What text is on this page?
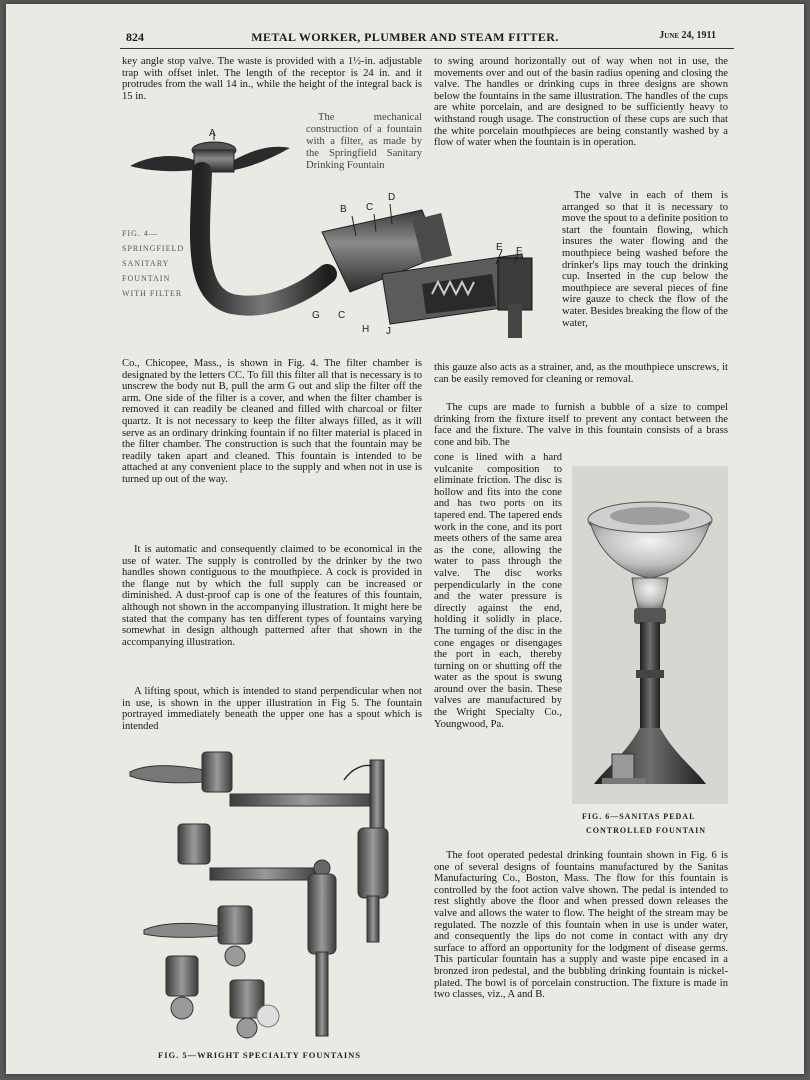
824	METAL WORKER, PLUMBER AND STEAM FITTER.	June 24, 1911

key angle stop valve. The waste is provided with a 1½-in. adjustable trap with offset inlet. The length of the receptor is 24 in. and it protrudes from the wall 14 in., while the height of the integral back is 15 in.

The mechanical construction of a fountain with a filter, as made by the Springfield Sanitary Drinking Fountain

Co., Chicopee, Mass., is shown in Fig. 4. The filter chamber is designated by the letters CC. To fill this filter all that is necessary is to unscrew the body nut B, pull the arm G out and slip the filter off the arm. One side of the filter is a cover, and when the filter chamber is removed it can readily be cleaned and filled with charcoal or filter quartz. It is not necessary to keep the filter always filled, as it will serve as an ordinary drinking fountain if no filter material is placed in the filter chamber. The construction is such that the fountain may be readily taken apart and cleaned. This fountain is intended to be attached at any convenient place to the supply and when not in use is turned up out of the way.

It is automatic and consequently claimed to be economical in the use of water. The supply is controlled by the drinker by the two handles shown contiguous to the mouthpiece. A cock is provided in the flange nut by which the full supply can be increased or diminished. A dust-proof cap is one of the features of this fountain, although not shown in the accompanying illustration. It might here be stated that the company has ten different types of fountains varying somewhat in design although patterned after that shown in the accompanying illustration.

A lifting spout, which is intended to stand perpendicular when not in use, is shown in the upper illustration in Fig 5. The fountain portrayed immediately beneath the upper one has a spout which is intended

to swing around horizontally out of way when not in use, the movements over and out of the basin radius opening and closing the valve. The handles or drinking cups in three designs are shown below the fountains in the same illustration. The handles of the cups are white porcelain, and are designed to be sufficiently heavy to withstand rough usage. The construction of these cups are such that the white porcelain mouthpieces are being constantly washed by a flow of water when the fountain is in operation.

The valve in each of them is arranged so that it is necessary to move the spout to a definite position to start the fountain flowing, which insures the water flowing and the mouthpiece being washed before the drinker's lips may touch the drinking cup. Inserted in the cup below the mouthpiece are several pieces of fine wire gauze to check the flow of the water. Besides breaking the flow of the water,

this gauze also acts as a strainer, and, as the mouthpiece unscrews, it can be easily removed for cleaning or removal.

The cups are made to furnish a bubble of a size to compel drinking from the fixture itself to prevent any contact between the face and the fixture. The valve in this fountain consists of a brass cone and bib. The

cone is lined with a hard vulcanite composition to eliminate friction. The disc is hollow and fits into the cone and has two ports on its tapered end. The tapered ends work in the cone, and its port meets others of the same area as the cone, allowing the water to pass through the valve. The disc works perpendicularly in the cone and the water pressure is directly against the end, holding it solidly in place. The turning of the disc in the cone engages or disengages the port in each, thereby turning on or shutting off the water as the spout is swung around over the basin. These valves are manufactured by the Wright Specialty Co., Youngwood, Pa.

The foot operated pedestal drinking fountain shown in Fig. 6 is one of several designs of fountains manufactured by the Sanitas Manufacturing Co., Boston, Mass. The flow for this fountain is controlled by the foot action valve shown. The pedal is intended to rest slightly above the floor and when pressed down releases the valve and allows the water to flow. The height of the stream may be regulated. The nozzle of this fountain when in use is under water, and consequently the lips do not come in contact with any dry surface to afford an opportunity for the lodgment of disease germs. This particular fountain has a supply and waste pipe encased in a bronzed iron pedestal, and the bubbling drinking fountain is nickel-plated. The bowl is of porcelain construction. The fixture is made in two classes, viz., A and B.

FIG. 4—
SPRINGFIELD
SANITARY
FOUNTAIN
WITH FILTER
A
B C
D
E F
G C
H J
FIG. 5—WRIGHT SPECIALTY FOUNTAINS
FIG. 6—SANITAS PEDAL
CONTROLLED FOUNTAIN
